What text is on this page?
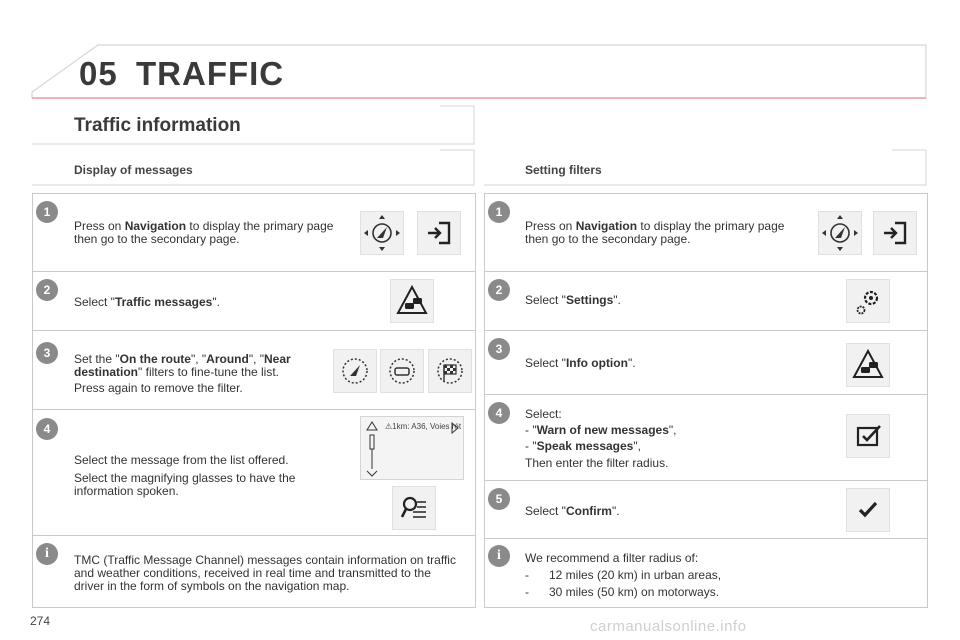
05 TRAFFIC
Traffic information
Display of messages	Setting filters
1
Press on Navigation to display the primary page then go to the secondary page.
2
Select "Traffic messages".
3	Set the "On the route", "Around", "Near destination" filters to fine-tune the list.
Press again to remove the filter.
4	⚠1km: A36, Voies rét
Select the message from the list offered.
Select the magnifying glasses to have the information spoken.
i	TMC (Traffic Message Channel) messages contain information on traffic and weather conditions, received in real time and transmitted to the driver in the form of symbols on the navigation map.
1
Press on Navigation to display the primary page then go to the secondary page.
2
Select "Settings".
3
Select "Info option".
4	Select:
- "Warn of new messages",
- "Speak messages",
Then enter the filter radius.
5
Select "Confirm".
i	We recommend a filter radius of:
- 12 miles (20 km) in urban areas,
- 30 miles (50 km) on motorways.
274	carmanualsonline.info
